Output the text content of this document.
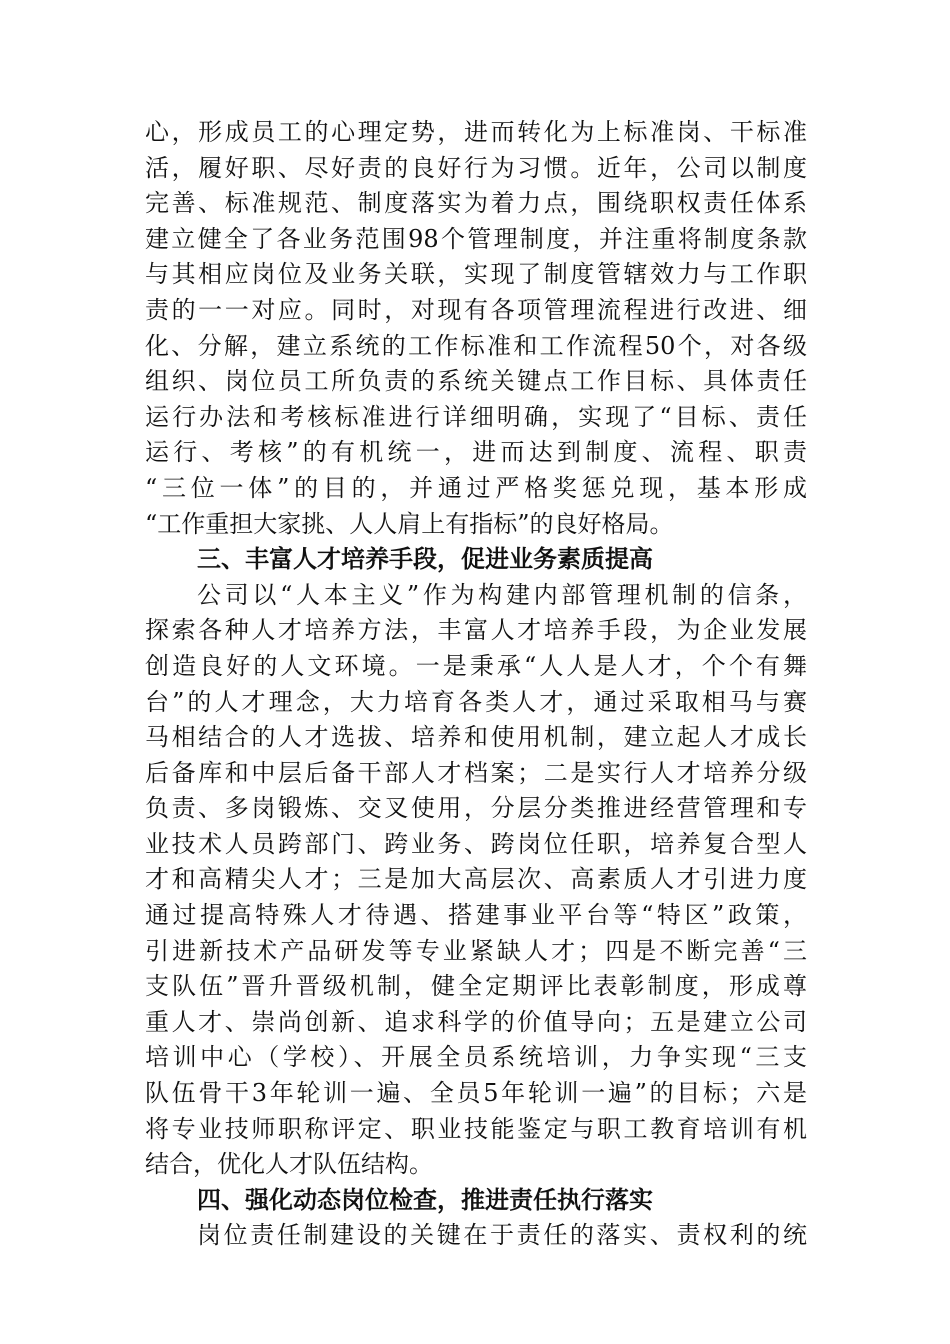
心，形成员工的心理定势，进而转化为上标准岗、干标准
活，履好职、尽好责的良好行为习惯。近年，公司以制度
完善、标准规范、制度落实为着力点，围绕职权责任体系
建立健全了各业务范围98个管理制度，并注重将制度条款
与其相应岗位及业务关联，实现了制度管辖效力与工作职
责的一一对应。同时，对现有各项管理流程进行改进、细
化、分解，建立系统的工作标准和工作流程50个，对各级
组织、岗位员工所负责的系统关键点工作目标、具体责任
运行办法和考核标准进行详细明确，实现了“目标、责任
运行、考核”的有机统一，进而达到制度、流程、职责
“三位一体”的目的，并通过严格奖惩兑现，基本形成
“工作重担大家挑、人人肩上有指标”的良好格局。
三、丰富人才培养手段，促进业务素质提高
公司以“人本主义”作为构建内部管理机制的信条，
探索各种人才培养方法，丰富人才培养手段，为企业发展
创造良好的人文环境。一是秉承“人人是人才，个个有舞
台”的人才理念，大力培育各类人才，通过采取相马与赛
马相结合的人才选拔、培养和使用机制，建立起人才成长
后备库和中层后备干部人才档案；二是实行人才培养分级
负责、多岗锻炼、交叉使用，分层分类推进经营管理和专
业技术人员跨部门、跨业务、跨岗位任职，培养复合型人
才和高精尖人才；三是加大高层次、高素质人才引进力度
通过提高特殊人才待遇、搭建事业平台等“特区”政策，
引进新技术产品研发等专业紧缺人才；四是不断完善“三
支队伍”晋升晋级机制，健全定期评比表彰制度，形成尊
重人才、崇尚创新、追求科学的价值导向；五是建立公司
培训中心（学校）、开展全员系统培训，力争实现“三支
队伍骨干3年轮训一遍、全员5年轮训一遍”的目标；六是
将专业技师职称评定、职业技能鉴定与职工教育培训有机
结合，优化人才队伍结构。
四、强化动态岗位检查，推进责任执行落实
岗位责任制建设的关键在于责任的落实、责权利的统
